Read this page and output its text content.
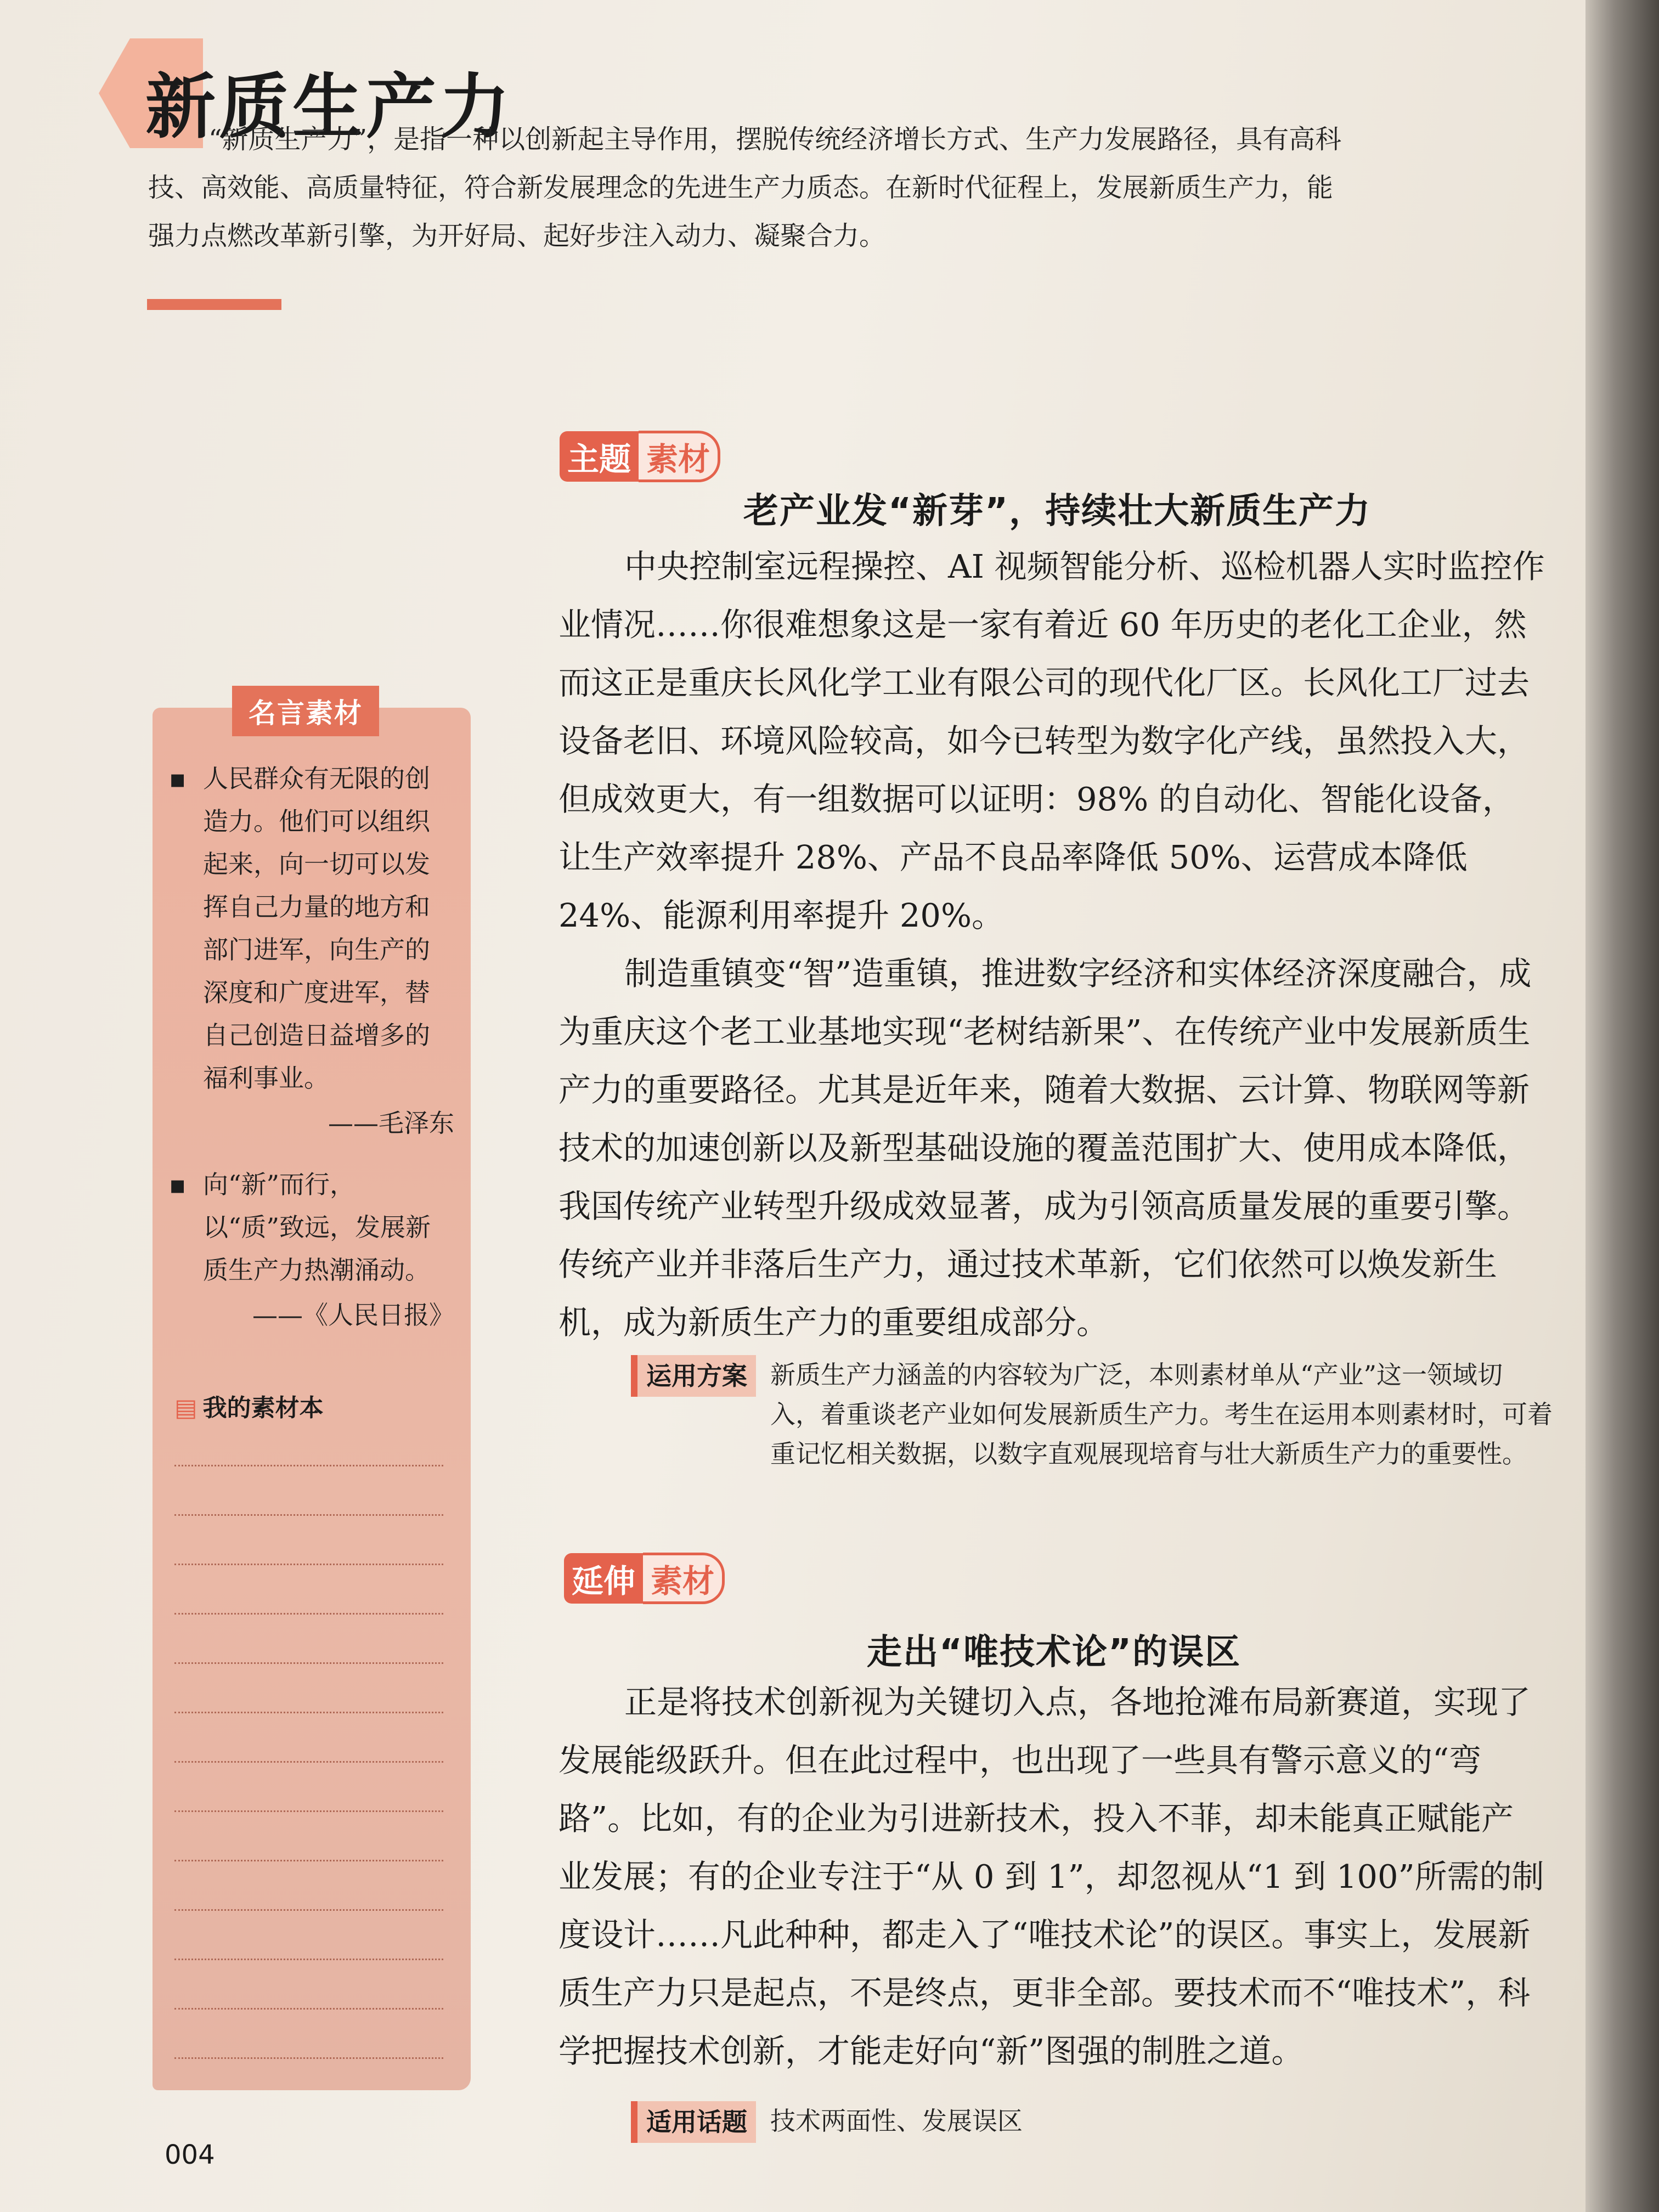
新质生产力

“新质生产力”，是指一种以创新起主导作用，摆脱传统经济增长方式、生产力发展路径，具有高科技、高效能、高质量特征，符合新发展理念的先进生产力质态。在新时代征程上，发展新质生产力，能强力点燃改革新引擎，为开好局、起好步注入动力、凝聚合力。

名言素材
▪ 人民群众有无限的创造力。他们可以组织起来，向一切可以发挥自己力量的地方和部门进军，向生产的深度和广度进军，替自己创造日益增多的福利事业。
——毛泽东
▪ 向“新”而行，以“质”致远，发展新质生产力热潮涌动。
——《人民日报》
▤ 我的素材本
主题 素材
老产业发“新芽”，持续壮大新质生产力

中央控制室远程操控、AI 视频智能分析、巡检机器人实时监控作业情况……你很难想象这是一家有着近 60 年历史的老化工企业，然而这正是重庆长风化学工业有限公司的现代化厂区。长风化工厂过去设备老旧、环境风险较高，如今已转型为数字化产线，虽然投入大，但成效更大，有一组数据可以证明：98% 的自动化、智能化设备，让生产效率提升 28%、产品不良品率降低 50%、运营成本降低 24%、能源利用率提升 20%。

制造重镇变“智”造重镇，推进数字经济和实体经济深度融合，成为重庆这个老工业基地实现“老树结新果”、在传统产业中发展新质生产力的重要路径。尤其是近年来，随着大数据、云计算、物联网等新技术的加速创新以及新型基础设施的覆盖范围扩大、使用成本降低，我国传统产业转型升级成效显著，成为引领高质量发展的重要引擎。传统产业并非落后生产力，通过技术革新，它们依然可以焕发新生机，成为新质生产力的重要组成部分。

运用方案 新质生产力涵盖的内容较为广泛，本则素材单从“产业”这一领域切入，着重谈老产业如何发展新质生产力。考生在运用本则素材时，可着重记忆相关数据，以数字直观展现培育与壮大新质生产力的重要性。
延伸 素材
走出“唯技术论”的误区

正是将技术创新视为关键切入点，各地抢滩布局新赛道，实现了发展能级跃升。但在此过程中，也出现了一些具有警示意义的“弯路”。比如，有的企业为引进新技术，投入不菲，却未能真正赋能产业发展；有的企业专注于“从 0 到 1”，却忽视从“1 到 100”所需的制度设计……凡此种种，都走入了“唯技术论”的误区。事实上，发展新质生产力只是起点，不是终点，更非全部。要技术而不“唯技术”，科学把握技术创新，才能走好向“新”图强的制胜之道。

适用话题 技术两面性、发展误区

004
